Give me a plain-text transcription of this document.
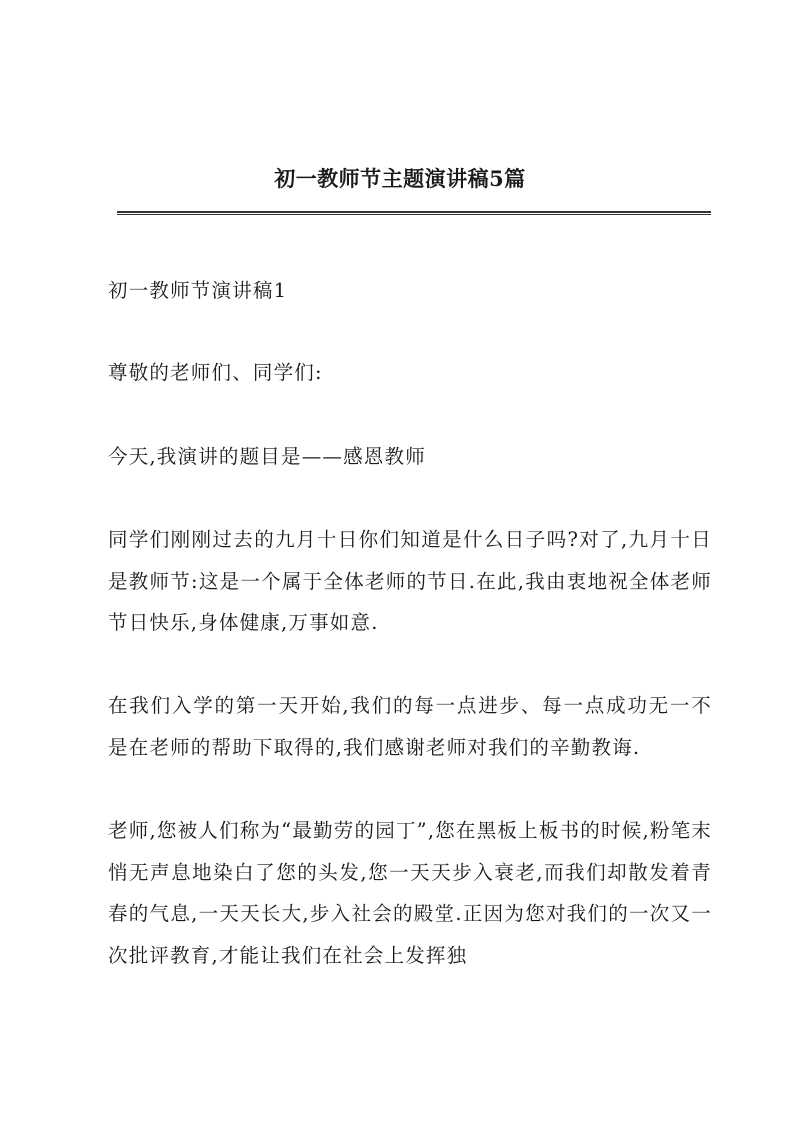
初一教师节主题演讲稿5篇

初一教师节演讲稿1

尊敬的老师们、同学们:

今天,我演讲的题目是——感恩教师

同学们刚刚过去的九月十日你们知道是什么日子吗?对了,九月十日是教师节:这是一个属于全体老师的节日.在此,我由衷地祝全体老师节日快乐,身体健康,万事如意.

在我们入学的第一天开始,我们的每一点进步、每一点成功无一不是在老师的帮助下取得的,我们感谢老师对我们的辛勤教诲.

老师,您被人们称为“最勤劳的园丁”,您在黑板上板书的时候,粉笔末悄无声息地染白了您的头发,您一天天步入衰老,而我们却散发着青春的气息,一天天长大,步入社会的殿堂.正因为您对我们的一次又一次批评教育,才能让我们在社会上发挥独
